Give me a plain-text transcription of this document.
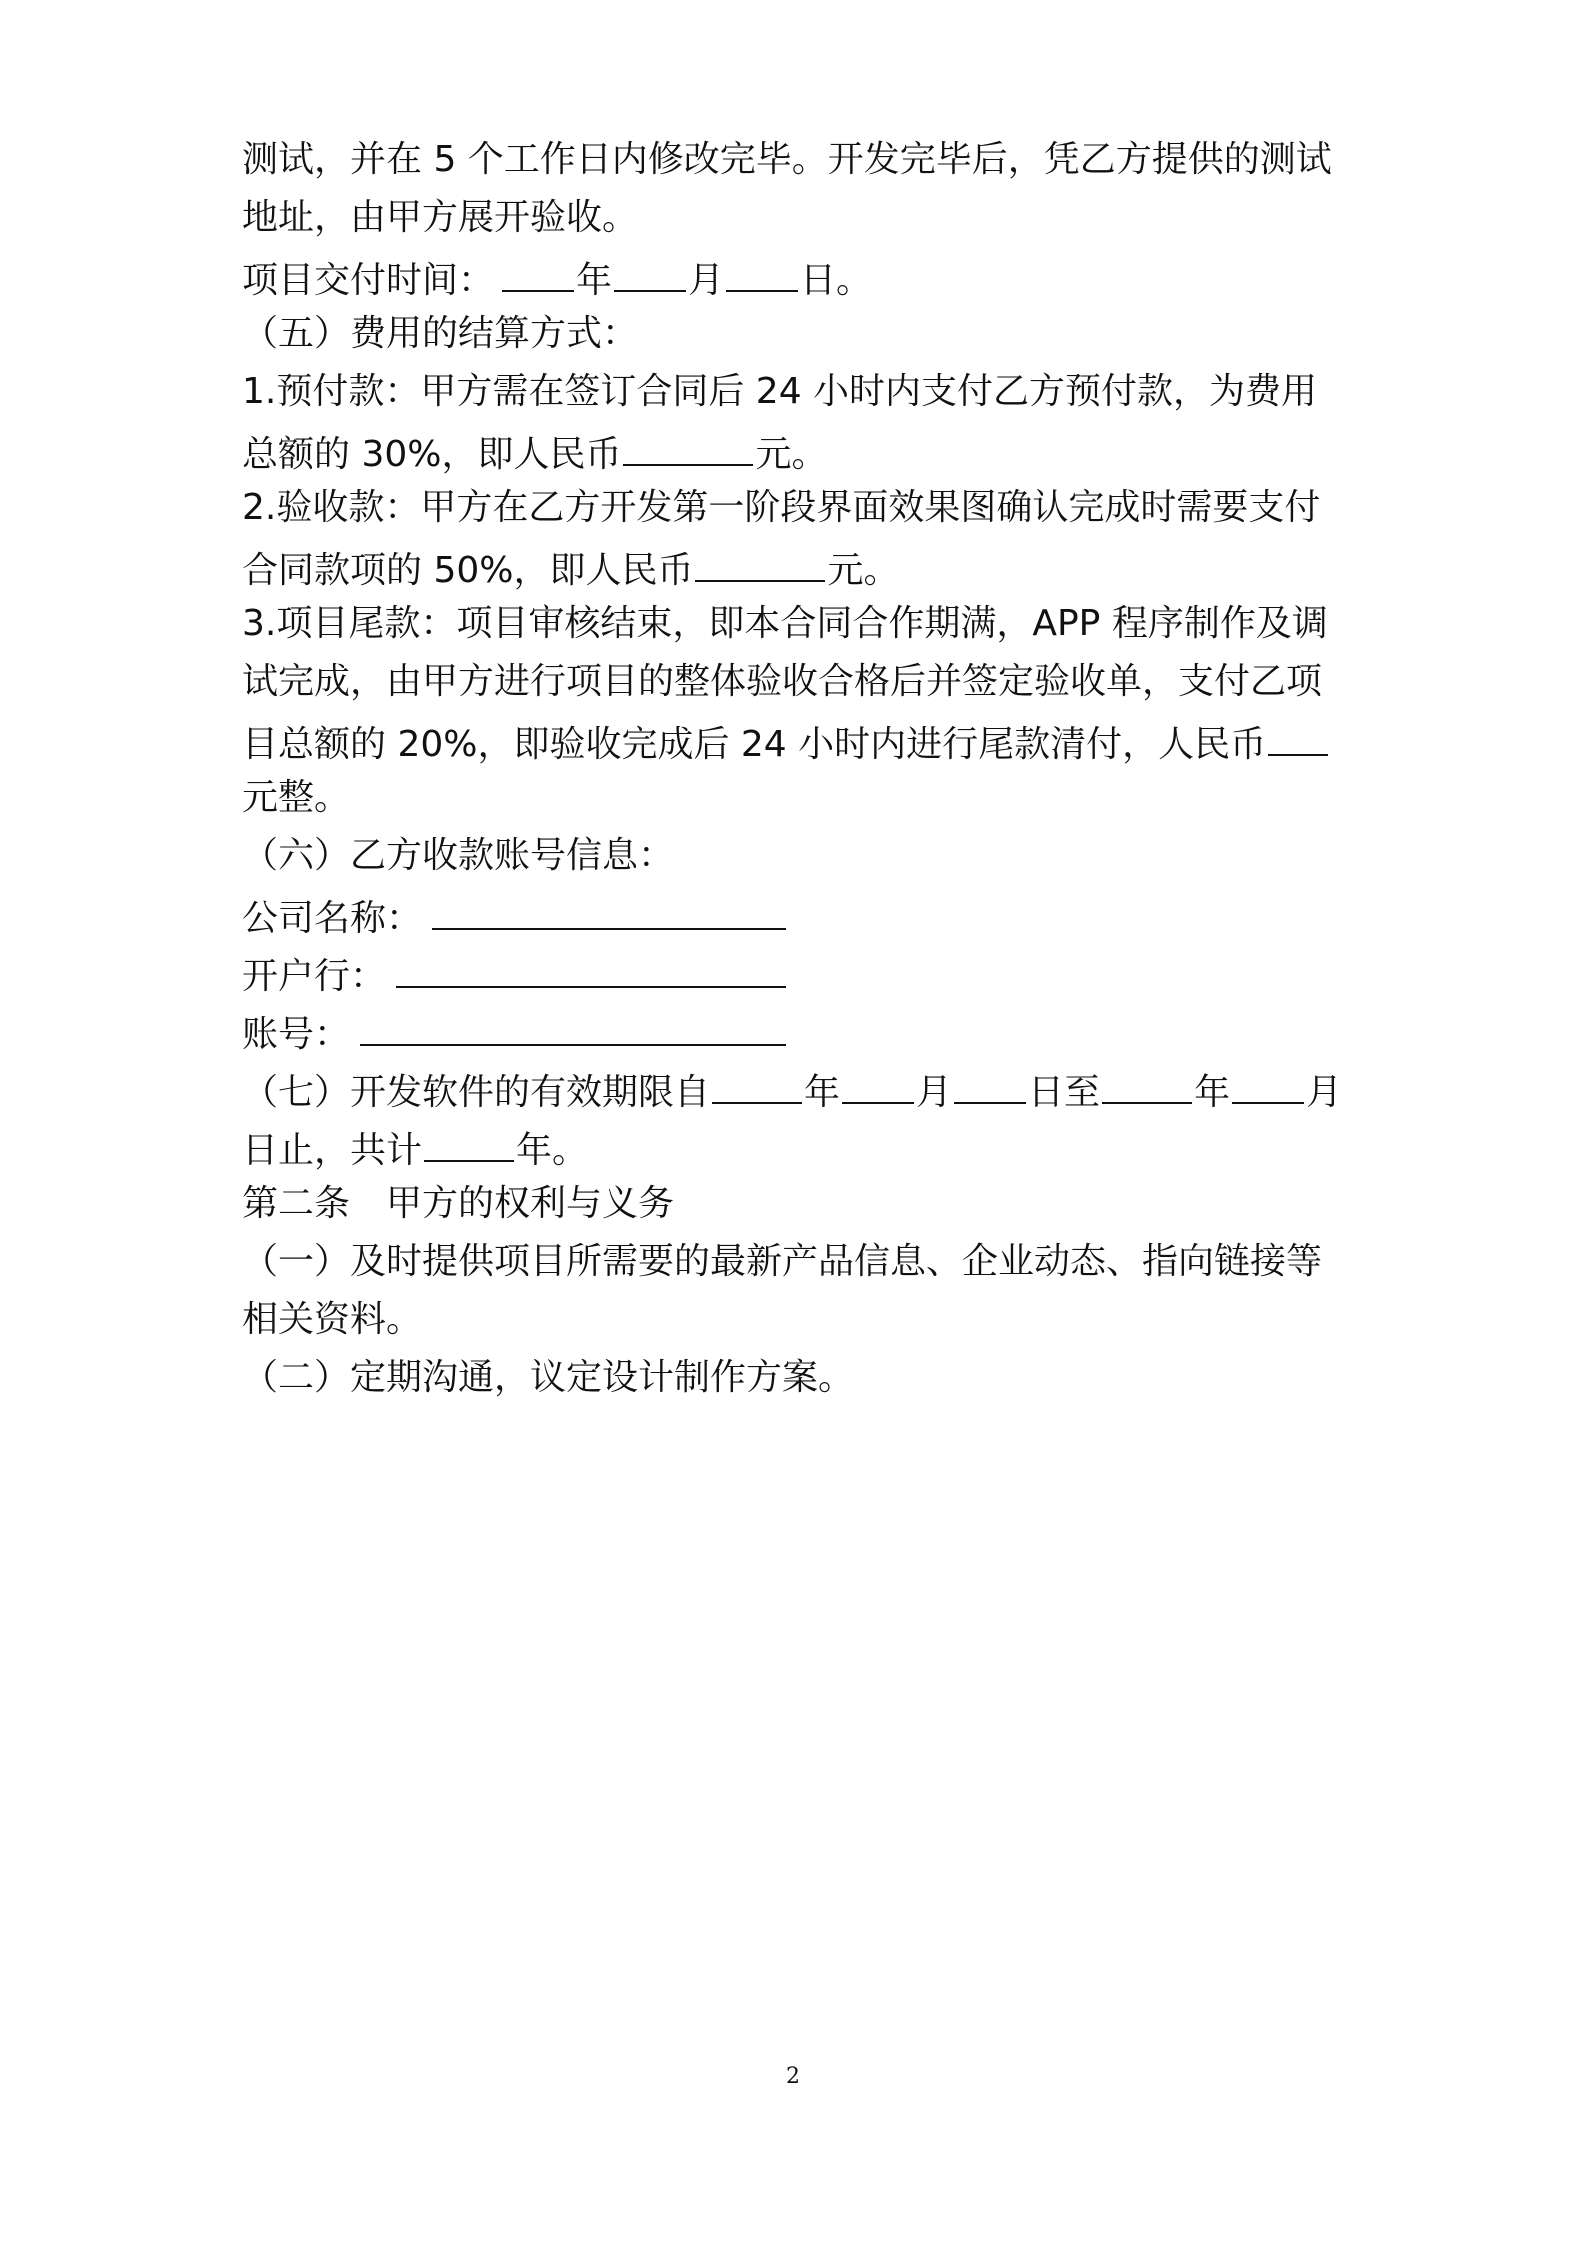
测试，并在 5 个工作日内修改完毕。开发完毕后，凭乙方提供的测试
地址，由甲方展开验收。
项目交付时间： 年 月 日。
（五）费用的结算方式：
1.预付款：甲方需在签订合同后 24 小时内支付乙方预付款，为费用
总额的 30%，即人民币	元。
2.验收款：甲方在乙方开发第一阶段界面效果图确认完成时需要支付
合同款项的 50%，即人民币	元。
3.项目尾款：项目审核结束，即本合同合作期满，APP 程序制作及调
试完成，由甲方进行项目的整体验收合格后并签定验收单，支付乙项
目总额的 20%，即验收完成后 24 小时内进行尾款清付，人民币
元整。
（六）乙方收款账号信息：
公司名称：
开户行：
账号：
（七）开发软件的有效期限自	年 月 日至	年 月
日止，共计	年。
第二条　甲方的权利与义务
（一）及时提供项目所需要的最新产品信息、企业动态、指向链接等
相关资料。
（二）定期沟通，议定设计制作方案。
2
